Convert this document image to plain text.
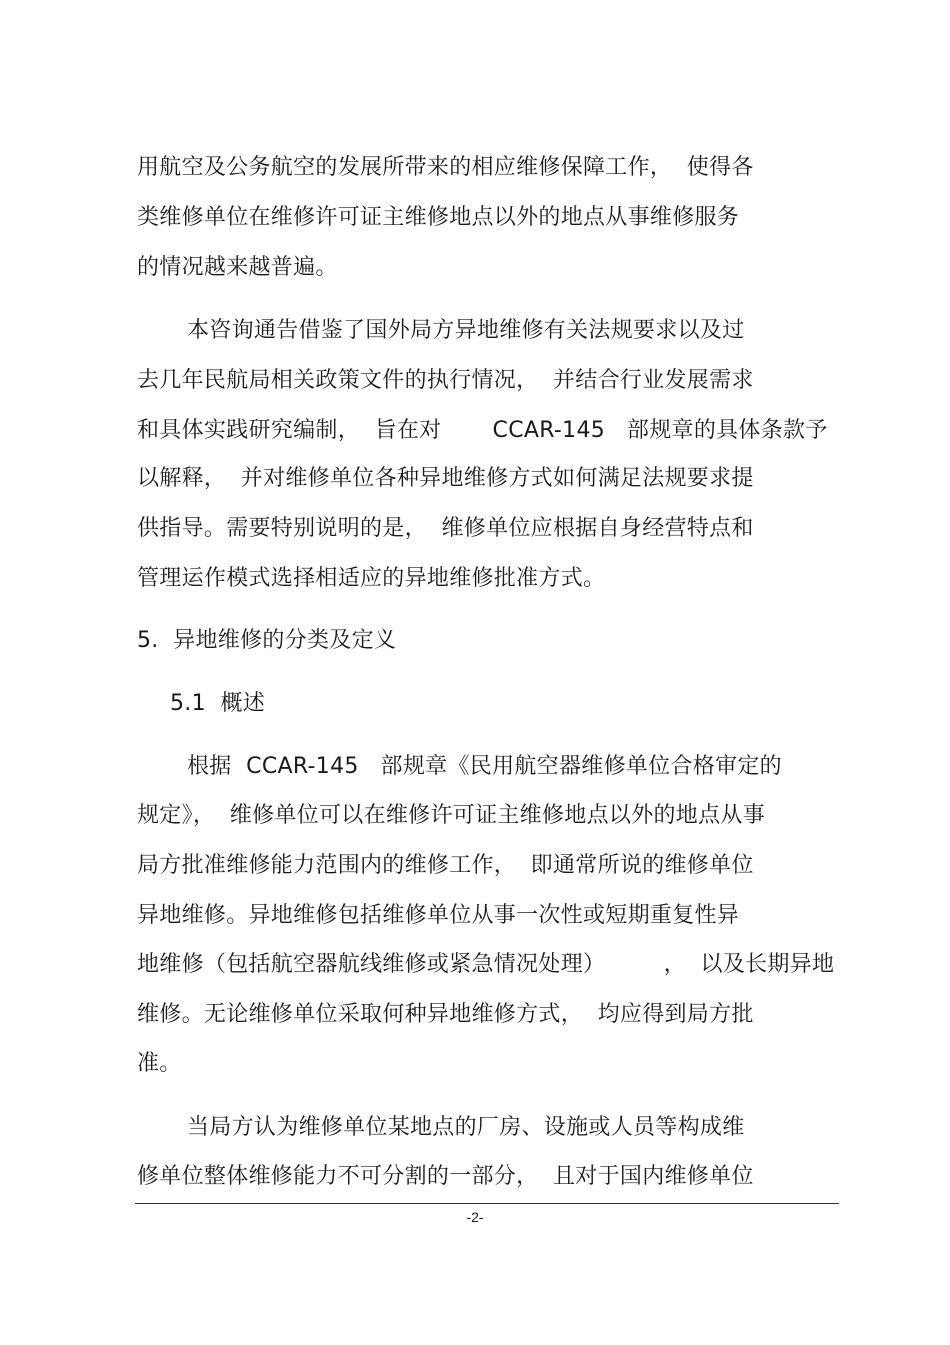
用航空及公务航空的发展所带来的相应维修保障工作，  使得各
类维修单位在维修许可证主维修地点以外的地点从事维修服务
的情况越来越普遍。
本咨询通告借鉴了国外局方异地维修有关法规要求以及过
去几年民航局相关政策文件的执行情况，  并结合行业发展需求
和具体实践研究编制，  旨在对       CCAR-145   部规章的具体条款予
以解释，  并对维修单位各种异地维修方式如何满足法规要求提
供指导。需要特别说明的是，  维修单位应根据自身经营特点和
管理运作模式选择相适应的异地维修批准方式。
5.  异地维修的分类及定义
5.1  概述
根据  CCAR-145   部规章《民用航空器维修单位合格审定的
规定》，  维修单位可以在维修许可证主维修地点以外的地点从事
局方批准维修能力范围内的维修工作，  即通常所说的维修单位
异地维修。异地维修包括维修单位从事一次性或短期重复性异
地维修（包括航空器航线维修或紧急情况处理）        ，  以及长期异地
维修。无论维修单位采取何种异地维修方式，  均应得到局方批
准。
当局方认为维修单位某地点的厂房、设施或人员等构成维
修单位整体维修能力不可分割的一部分，  且对于国内维修单位
-2-
